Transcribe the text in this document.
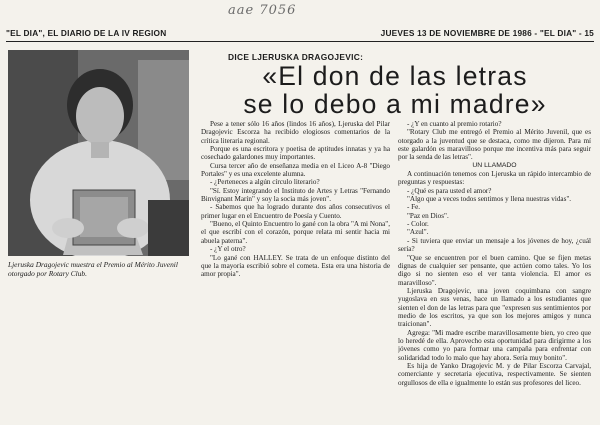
aae 7056
"EL DIA", EL DIARIO DE LA IV REGION	JUEVES 13 DE NOVIEMBRE DE 1986 - "EL DIA" - 15
Ljeruska Dragojevic muestra el Premio al Mérito Juvenil otorgado por Rotary Club.
DICE LJERUSKA DRAGOJEVIC:
«El don de las letras
se lo debo a mi madre»

Pese a tener sólo 16 años (lindos 16 años), Ljeruska del Pilar Dragojevic Escorza ha recibido elogiosos comentarios de la crítica literaria regional.

Porque es una escritora y poetisa de aptitudes innatas y ya ha cosechado galardones muy importantes.

Cursa tercer año de enseñanza media en el Liceo A-8 "Diego Portales" y es una excelente alumna.

- ¿Perteneces a algún círculo literario?

"Sí. Estoy integrando el Instituto de Artes y Letras "Fernando Binvignant Marín" y soy la socia más joven".

- Sabemos que ha logrado durante dos años consecutivos el primer lugar en el Encuentro de Poesía y Cuento.

"Bueno, el Quinto Encuentro lo gané con la obra "A mi Nona", el que escribí con el corazón, porque relata mi sentir hacia mi abuela paterna".

- ¿Y el otro?

"Lo gané con HALLEY. Se trata de un enfoque distinto del que la mayoría escribió sobre el cometa. Esta era una historia de amor propia".

- ¿Y en cuanto al premio rotario?

"Rotary Club me entregó el Premio al Mérito Juvenil, que es otorgado a la juventud que se destaca, como me dijeron. Para mí este galardón es maravilloso porque me incentiva más para seguir por la senda de las letras".

UN LLAMADO

A continuación tenemos con Ljeruska un rápido intercambio de preguntas y respuestas:

- ¿Qué es para usted el amor?

"Algo que a veces todos sentimos y llena nuestras vidas".

- Fe.

"Paz en Dios".

- Color.

"Azul".

- Si tuviera que enviar un mensaje a los jóvenes de hoy, ¿cuál sería?

"Que se encuentren por el buen camino. Que se fijen metas dignas de cualquier ser pensante, que actúen como tales. Yo los digo si no sienten eso el ver tanta violencia. El amor es maravilloso".

Ljeruska Dragojevic, una joven coquimbana con sangre yugoslava en sus venas, hace un llamado a los estudiantes que sienten el don de las letras para que "expresen sus sentimientos por medio de los escritos, ya que son los mejores amigos y nunca traicionan".

Agrega: "Mi madre escribe maravillosamente bien, yo creo que lo heredé de ella. Aprovecho esta oportunidad para dirigirme a los jóvenes como yo para formar una campaña para enfrentar con solidaridad todo lo malo que hay ahora. Sería muy bonito".

Es hija de Yanko Dragojevic M. y de Pilar Escorza Carvajal, comerciante y secretaria ejecutiva, respectivamente. Se sienten orgullosos de ella e igualmente lo están sus profesores del liceo.
